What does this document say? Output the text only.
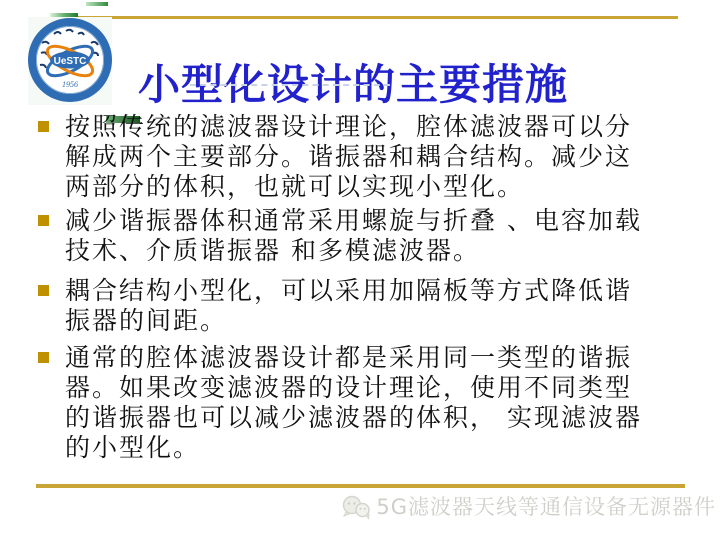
UeSTC
1956 小型化设计的主要措施
按照传统的滤波器设计理论，腔体滤波器可以分
解成两个主要部分。谐振器和耦合结构。减少这
两部分的体积，也就可以实现小型化。
减少谐振器体积通常采用螺旋与折叠 、电容加载
技术、介质谐振器 和多模滤波器。
耦合结构小型化，可以采用加隔板等方式降低谐
振器的间距。
通常的腔体滤波器设计都是采用同一类型的谐振
器。如果改变滤波器的设计理论，使用不同类型
的谐振器也可以减少滤波器的体积， 实现滤波器
的小型化。
5G滤波器天线等通信设备无源器件
